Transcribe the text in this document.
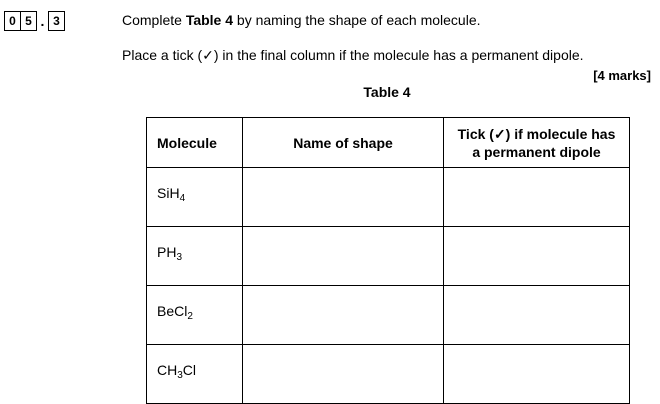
0 5 . 3	Complete Table 4 by naming the shape of each molecule.
Place a tick (✓) in the final column if the molecule has a permanent dipole.
[4 marks]
Table 4
Molecule	Name of shape	Tick (✓) if molecule has
a permanent dipole

SiH$_4$

$PH_3$

BeCl$_2$

$CH_3Cl$		
